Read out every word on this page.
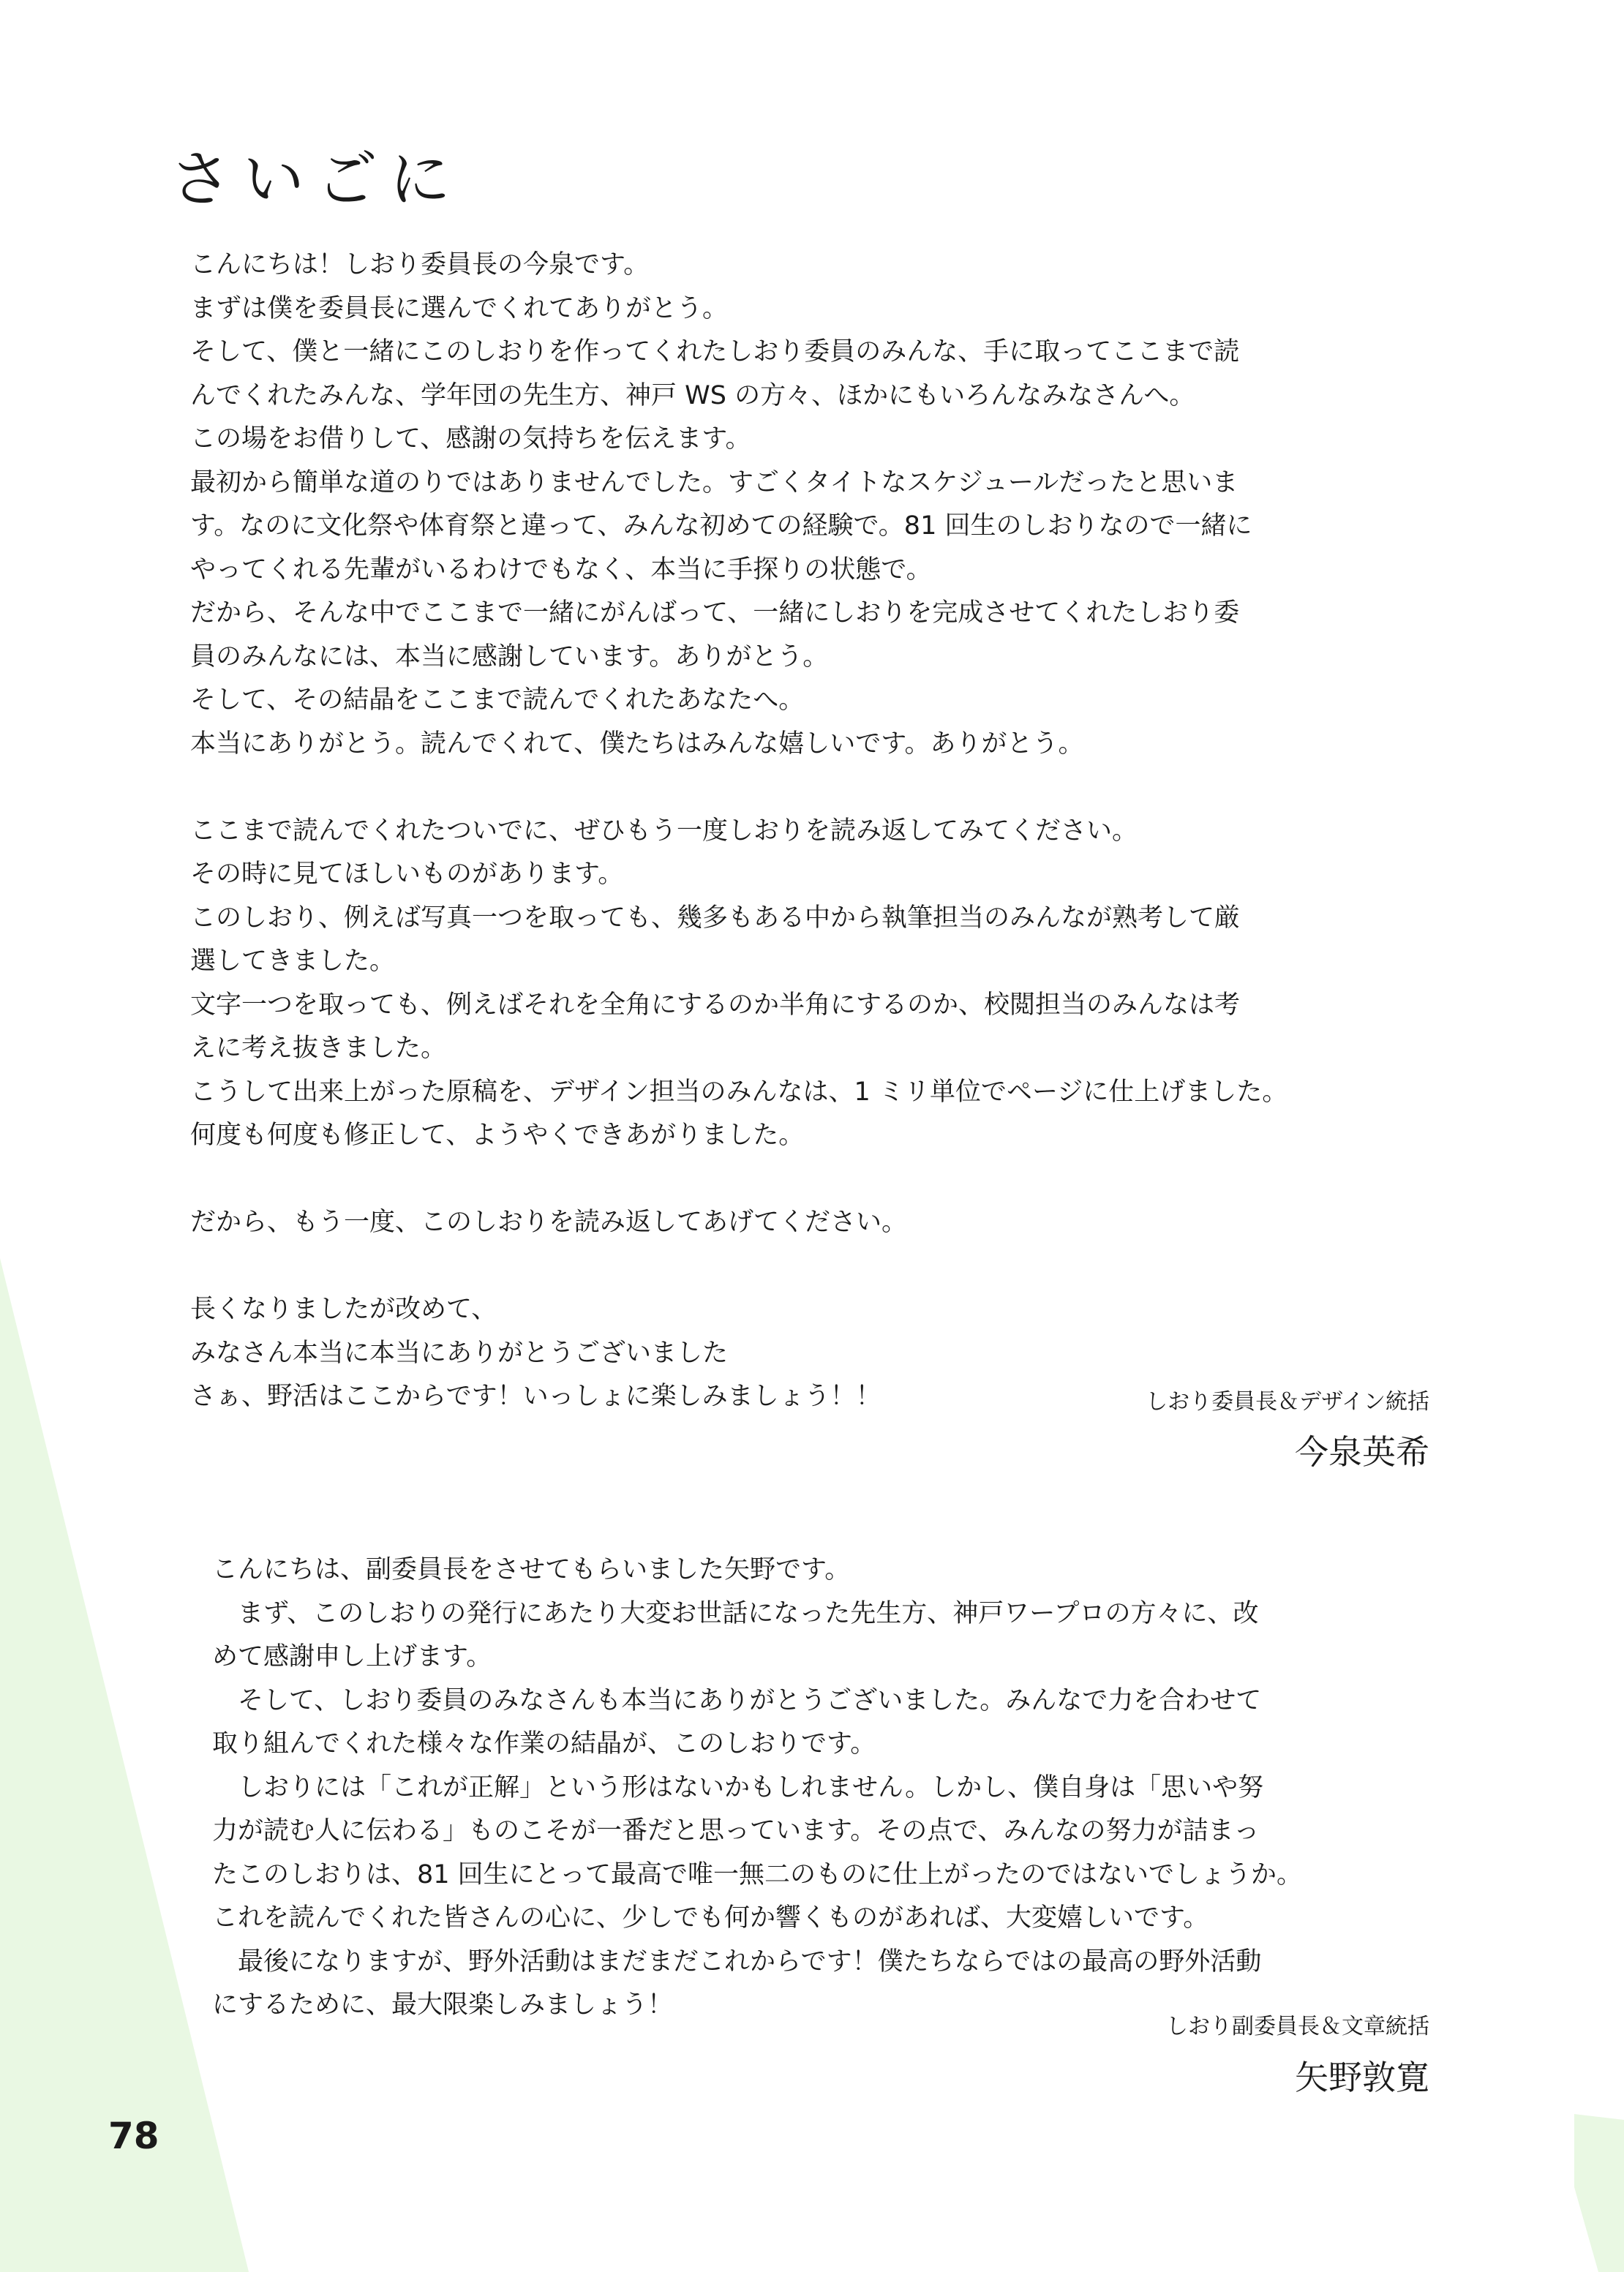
さいごに

こんにちは！しおり委員長の今泉です。

まずは僕を委員長に選んでくれてありがとう。

そして、僕と一緒にこのしおりを作ってくれたしおり委員のみんな、手に取ってここまで読

んでくれたみんな、学年団の先生方、神戸 WS の方々、ほかにもいろんなみなさんへ。

この場をお借りして、感謝の気持ちを伝えます。

最初から簡単な道のりではありませんでした。すごくタイトなスケジュールだったと思いま

す。なのに文化祭や体育祭と違って、みんな初めての経験で。81 回生のしおりなので一緒に

やってくれる先輩がいるわけでもなく、本当に手探りの状態で。

だから、そんな中でここまで一緒にがんばって、一緒にしおりを完成させてくれたしおり委

員のみんなには、本当に感謝しています。ありがとう。

そして、その結晶をここまで読んでくれたあなたへ。

本当にありがとう。読んでくれて、僕たちはみんな嬉しいです。ありがとう。

ここまで読んでくれたついでに、ぜひもう一度しおりを読み返してみてください。

その時に見てほしいものがあります。

このしおり、例えば写真一つを取っても、幾多もある中から執筆担当のみんなが熟考して厳

選してきました。

文字一つを取っても、例えばそれを全角にするのか半角にするのか、校閲担当のみんなは考

えに考え抜きました。

こうして出来上がった原稿を、デザイン担当のみんなは、1 ミリ単位でページに仕上げました。

何度も何度も修正して、ようやくできあがりました。

だから、もう一度、このしおりを読み返してあげてください。

長くなりましたが改めて、

みなさん本当に本当にありがとうございました

さぁ、野活はここからです！いっしょに楽しみましょう！！	しおり委員長＆デザイン統括

今泉英希

こんにちは、副委員長をさせてもらいました矢野です。

　まず、このしおりの発行にあたり大変お世話になった先生方、神戸ワープロの方々に、改

めて感謝申し上げます。

　そして、しおり委員のみなさんも本当にありがとうございました。みんなで力を合わせて

取り組んでくれた様々な作業の結晶が、このしおりです。

　しおりには「これが正解」という形はないかもしれません。しかし、僕自身は「思いや努

力が読む人に伝わる」ものこそが一番だと思っています。その点で、みんなの努力が詰まっ

たこのしおりは、81 回生にとって最高で唯一無二のものに仕上がったのではないでしょうか。

これを読んでくれた皆さんの心に、少しでも何か響くものがあれば、大変嬉しいです。

　最後になりますが、野外活動はまだまだこれからです！僕たちならではの最高の野外活動

にするために、最大限楽しみましょう！

しおり副委員長＆文章統括

矢野敦寛

78
